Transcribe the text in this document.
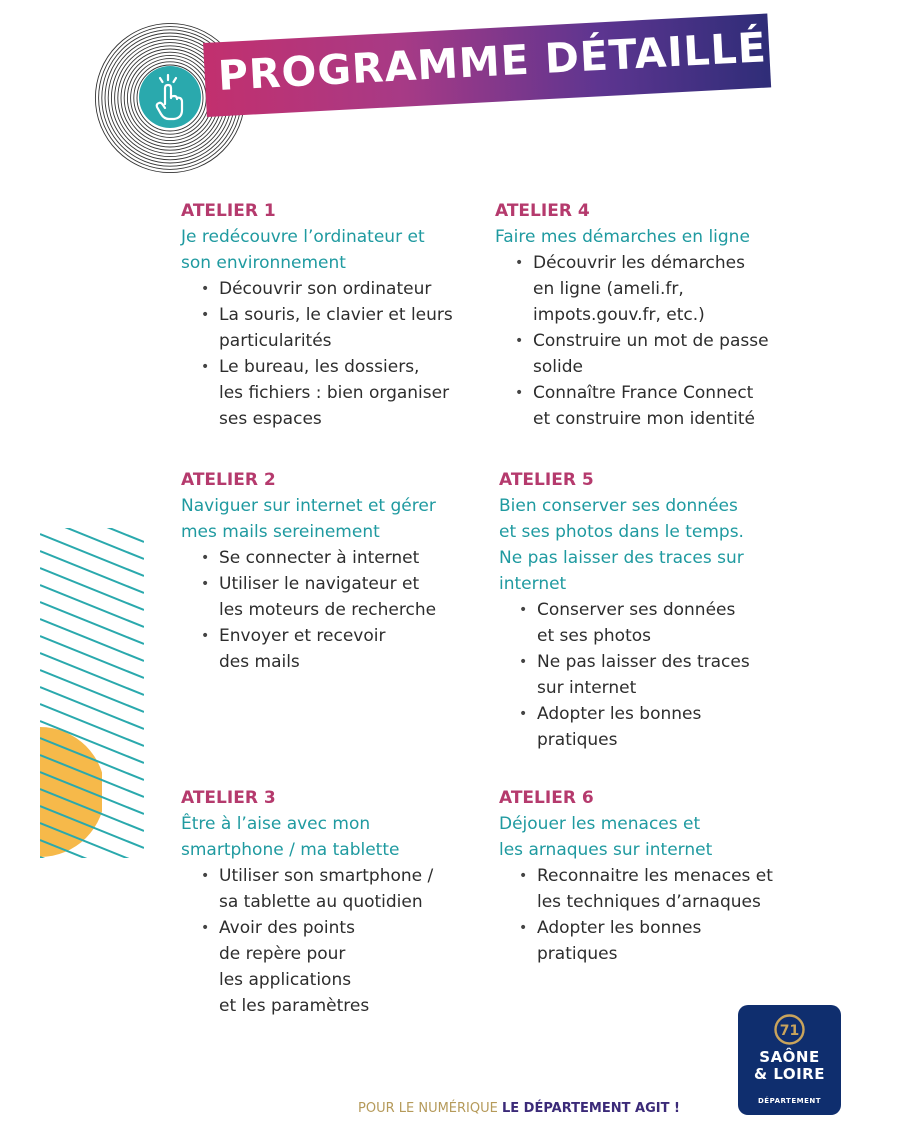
PROGRAMME DÉTAILLÉ
ATELIER 1
Je redécouvre l’ordinateur et
son environnement
• Découvrir son ordinateur
• La souris, le clavier et leurs
particularités
• Le bureau, les dossiers,
les fichiers : bien organiser
ses espaces
ATELIER 2
Naviguer sur internet et gérer
mes mails sereinement
• Se connecter à internet
• Utiliser le navigateur et
les moteurs de recherche
• Envoyer et recevoir
des mails
ATELIER 3
Être à l’aise avec mon
smartphone / ma tablette
• Utiliser son smartphone /
sa tablette au quotidien
• Avoir des points
de repère pour
les applications
et les paramètres
ATELIER 4
Faire mes démarches en ligne
• Découvrir les démarches
en ligne (ameli.fr,
impots.gouv.fr, etc.)
• Construire un mot de passe
solide
• Connaître France Connect
et construire mon identité
ATELIER 5
Bien conserver ses données
et ses photos dans le temps.
Ne pas laisser des traces sur
internet
• Conserver ses données
et ses photos
• Ne pas laisser des traces
sur internet
• Adopter les bonnes
pratiques
ATELIER 6
Déjouer les menaces et
les arnaques sur internet
• Reconnaitre les menaces et
les techniques d’arnaques
• Adopter les bonnes
pratiques
71
SAÔNE
& LOIRE
DÉPARTEMENT
POUR LE NUMÉRIQUE LE DÉPARTEMENT AGIT !
